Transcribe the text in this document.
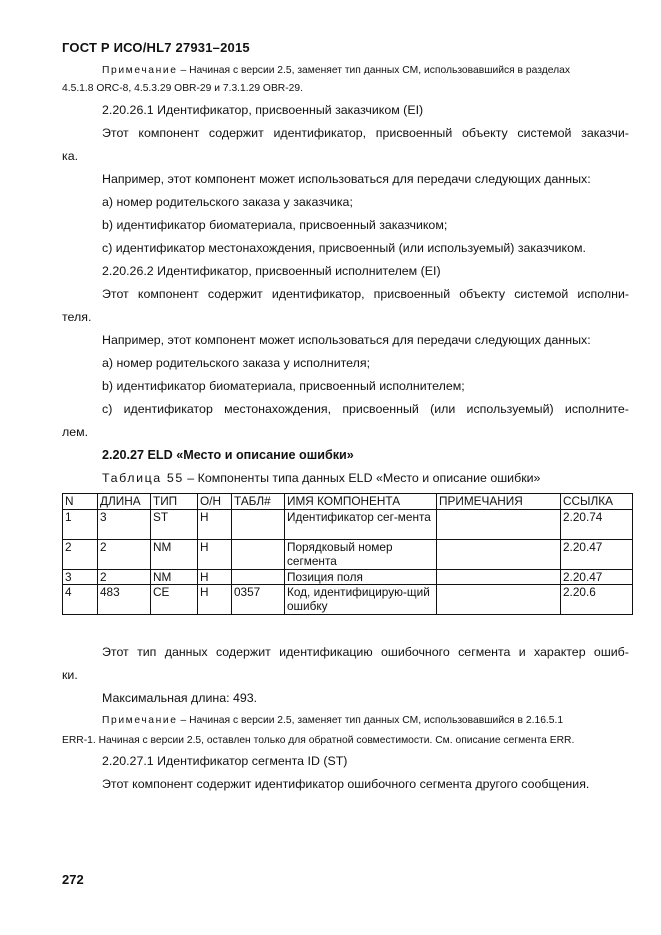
ГОСТ Р ИСО/HL7 27931–2015
Примечание – Начиная с версии 2.5, заменяет тип данных CM, использовавшийся в разделах
4.5.1.8 ORC-8, 4.5.3.29 OBR-29 и 7.3.1.29 OBR-29.
2.20.26.1 Идентификатор, присвоенный заказчиком (EI)
Этот компонент содержит идентификатор, присвоенный объекту системой заказчи-
ка.
Например, этот компонент может использоваться для передачи следующих данных:
a) номер родительского заказа у заказчика;
b) идентификатор биоматериала, присвоенный заказчиком;
c) идентификатор местонахождения, присвоенный (или используемый) заказчиком.
2.20.26.2 Идентификатор, присвоенный исполнителем (EI)
Этот компонент содержит идентификатор, присвоенный объекту системой исполни-
теля.
Например, этот компонент может использоваться для передачи следующих данных:
a) номер родительского заказа у исполнителя;
b) идентификатор биоматериала, присвоенный исполнителем;
c) идентификатор местонахождения, присвоенный (или используемый) исполните-
лем.
2.20.27 ELD «Место и описание ошибки»
Таблица 55 – Компоненты типа данных ELD «Место и описание ошибки»
N	ДЛИНА	ТИП	О/Н	ТАБЛ#	ИМЯ КОМПОНЕНТА	ПРИМЕЧАНИЯ	ССЫЛКА
1	3	ST	Н		Идентификатор сег-мента		2.20.74
2	2	NM	Н		Порядковый номер сегмента		2.20.47
3	2	NM	Н		Позиция поля		2.20.47
4	483	CE	Н	0357	Код, идентифицирую-щий ошибку		2.20.6
Этот тип данных содержит идентификацию ошибочного сегмента и характер ошиб-
ки.
Максимальная длина: 493.
Примечание – Начиная с версии 2.5, заменяет тип данных CM, использовавшийся в 2.16.5.1
ERR-1. Начиная с версии 2.5, оставлен только для обратной совместимости. См. описание сегмента ERR.
2.20.27.1 Идентификатор сегмента ID (ST)
Этот компонент содержит идентификатор ошибочного сегмента другого сообщения.
272
